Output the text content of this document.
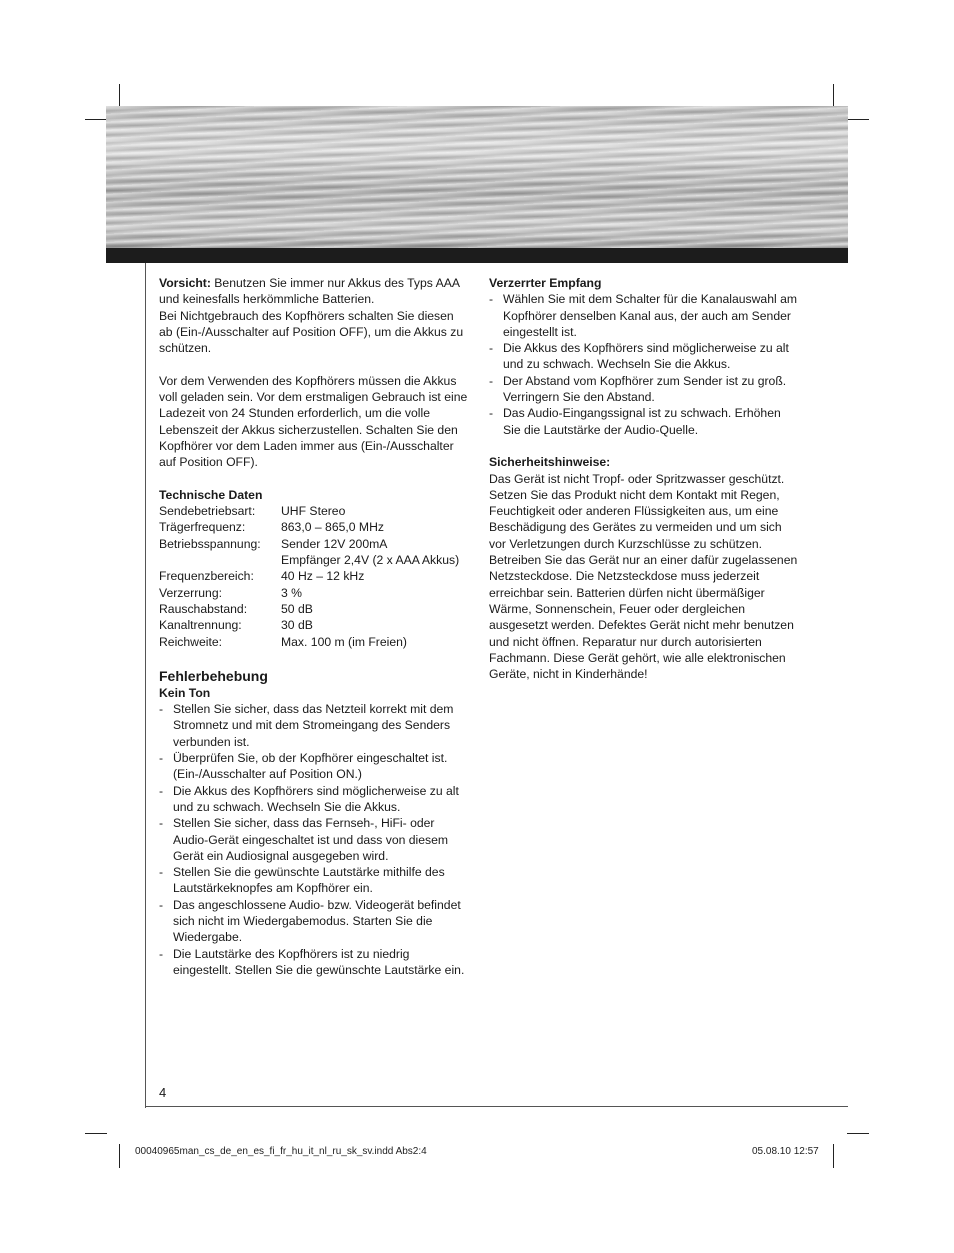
Vorsicht: Benutzen Sie immer nur Akkus des Typs AAA und keinesfalls herkömmliche Batterien.

Bei Nichtgebrauch des Kopfhörers schalten Sie diesen ab (Ein-/Ausschalter auf Position OFF), um die Akkus zu schützen.

Vor dem Verwenden des Kopfhörers müssen die Akkus voll geladen sein. Vor dem erstmaligen Gebrauch ist eine Ladezeit von 24 Stunden erforderlich, um die volle Lebenszeit der Akkus sicherzustellen. Schalten Sie den Kopfhörer vor dem Laden immer aus (Ein-/Ausschalter auf Position OFF).

Technische Daten

Sendebetriebsart:	UHF Stereo
Trägerfrequenz:	863,0 – 865,0 MHz
Betriebsspannung:	Sender 12V 200mA
Empfänger 2,4V (2 x AAA Akkus)
Frequenzbereich:	40 Hz – 12 kHz
Verzerrung:	3 %
Rauschabstand:	50 dB
Kanaltrennung:	30 dB
Reichweite:	Max. 100 m (im Freien)

Fehlerbehebung

Kein Ton

- Stellen Sie sicher, dass das Netzteil korrekt mit dem Stromnetz und mit dem Stromeingang des Senders verbunden ist.
- Überprüfen Sie, ob der Kopfhörer eingeschaltet ist. (Ein-/Ausschalter auf Position ON.)
- Die Akkus des Kopfhörers sind möglicherweise zu alt und zu schwach. Wechseln Sie die Akkus.
- Stellen Sie sicher, dass das Fernseh-, HiFi- oder Audio-Gerät eingeschaltet ist und dass von diesem Gerät ein Audiosignal ausgegeben wird.
- Stellen Sie die gewünschte Lautstärke mithilfe des Lautstärkeknopfes am Kopfhörer ein.
- Das angeschlossene Audio- bzw. Videogerät befindet sich nicht im Wiedergabemodus. Starten Sie die Wiedergabe.
- Die Lautstärke des Kopfhörers ist zu niedrig eingestellt. Stellen Sie die gewünschte Lautstärke ein.

Verzerrter Empfang

- Wählen Sie mit dem Schalter für die Kanalauswahl am Kopfhörer denselben Kanal aus, der auch am Sender eingestellt ist.
- Die Akkus des Kopfhörers sind möglicherweise zu alt und zu schwach. Wechseln Sie die Akkus.
- Der Abstand vom Kopfhörer zum Sender ist zu groß. Verringern Sie den Abstand.
- Das Audio-Eingangssignal ist zu schwach. Erhöhen Sie die Lautstärke der Audio-Quelle.

Sicherheitshinweise:

Das Gerät ist nicht Tropf- oder Spritzwasser geschützt. Setzen Sie das Produkt nicht dem Kontakt mit Regen, Feuchtigkeit oder anderen Flüssigkeiten aus, um eine Beschädigung des Gerätes zu vermeiden und um sich vor Verletzungen durch Kurzschlüsse zu schützen. Betreiben Sie das Gerät nur an einer dafür zugelassenen Netzsteckdose. Die Netzsteckdose muss jederzeit erreichbar sein. Batterien dürfen nicht übermäßiger Wärme, Sonnenschein, Feuer oder dergleichen ausgesetzt werden. Defektes Gerät nicht mehr benutzen und nicht öffnen. Reparatur nur durch autorisierten Fachmann. Diese Gerät gehört, wie alle elektronischen Geräte, nicht in Kinderhände!

4
00040965man_cs_de_en_es_fi_fr_hu_it_nl_ru_sk_sv.indd Abs2:4	05.08.10 12:57
